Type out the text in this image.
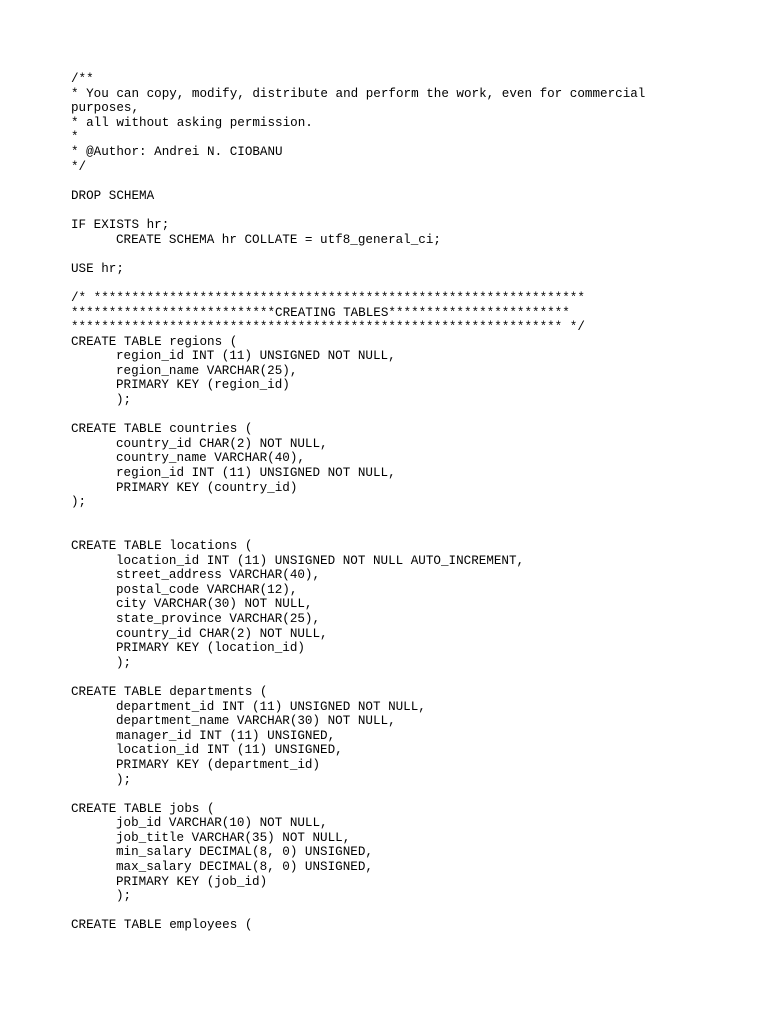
/**
* You can copy, modify, distribute and perform the work, even for commercial
purposes,
* all without asking permission.
*
* @Author: Andrei N. CIOBANU
*/
DROP SCHEMA
IF EXISTS hr;
CREATE SCHEMA hr COLLATE = utf8_general_ci;
USE hr;
/* *****************************************************************
***************************CREATING TABLES************************
***************************************************************** */
CREATE TABLE regions (
region_id INT (11) UNSIGNED NOT NULL,
region_name VARCHAR(25),
PRIMARY KEY (region_id)
);
CREATE TABLE countries (
country_id CHAR(2) NOT NULL,
country_name VARCHAR(40),
region_id INT (11) UNSIGNED NOT NULL,
PRIMARY KEY (country_id)
);
CREATE TABLE locations (
location_id INT (11) UNSIGNED NOT NULL AUTO_INCREMENT,
street_address VARCHAR(40),
postal_code VARCHAR(12),
city VARCHAR(30) NOT NULL,
state_province VARCHAR(25),
country_id CHAR(2) NOT NULL,
PRIMARY KEY (location_id)
);
CREATE TABLE departments (
department_id INT (11) UNSIGNED NOT NULL,
department_name VARCHAR(30) NOT NULL,
manager_id INT (11) UNSIGNED,
location_id INT (11) UNSIGNED,
PRIMARY KEY (department_id)
);
CREATE TABLE jobs (
job_id VARCHAR(10) NOT NULL,
job_title VARCHAR(35) NOT NULL,
min_salary DECIMAL(8, 0) UNSIGNED,
max_salary DECIMAL(8, 0) UNSIGNED,
PRIMARY KEY (job_id)
);
CREATE TABLE employees (
